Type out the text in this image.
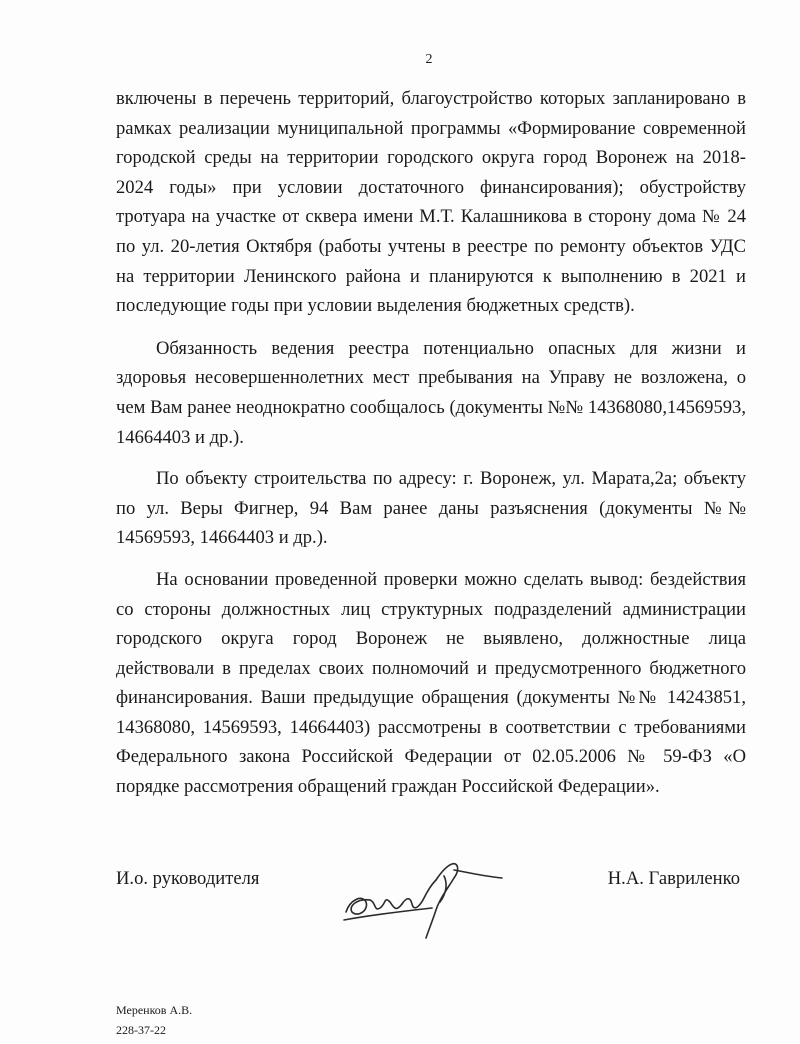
2

включены в перечень территорий, благоустройство которых запланировано в рамках реализации муниципальной программы «Формирование современной городской среды на территории городского округа город Воронеж на 2018-2024 годы» при условии достаточного финансирования); обустройству тротуара на участке от сквера имени М.Т. Калашникова в сторону дома № 24 по ул. 20-летия Октября (работы учтены в реестре по ремонту объектов УДС на территории Ленинского района и планируются к выполнению в 2021 и последующие годы при условии выделения бюджетных средств).

Обязанность ведения реестра потенциально опасных для жизни и здоровья несовершеннолетних мест пребывания на Управу не возложена, о чем Вам ранее неоднократно сообщалось (документы №№ 14368080,14569593, 14664403 и др.).

По объекту строительства по адресу: г. Воронеж, ул. Марата,2а; объекту по ул. Веры Фигнер, 94 Вам ранее даны разъяснения (документы №№ 14569593, 14664403 и др.).

На основании проведенной проверки можно сделать вывод: бездействия со стороны должностных лиц структурных подразделений администрации городского округа город Воронеж не выявлено, должностные лица действовали в пределах своих полномочий и предусмотренного бюджетного финансирования. Ваши предыдущие обращения (документы №№ 14243851, 14368080, 14569593, 14664403) рассмотрены в соответствии с требованиями Федерального закона Российской Федерации от 02.05.2006 № 59-ФЗ «О порядке рассмотрения обращений граждан Российской Федерации».

И.о. руководителя	Н.А. Гавриленко
Меренков А.В.
228-37-22
